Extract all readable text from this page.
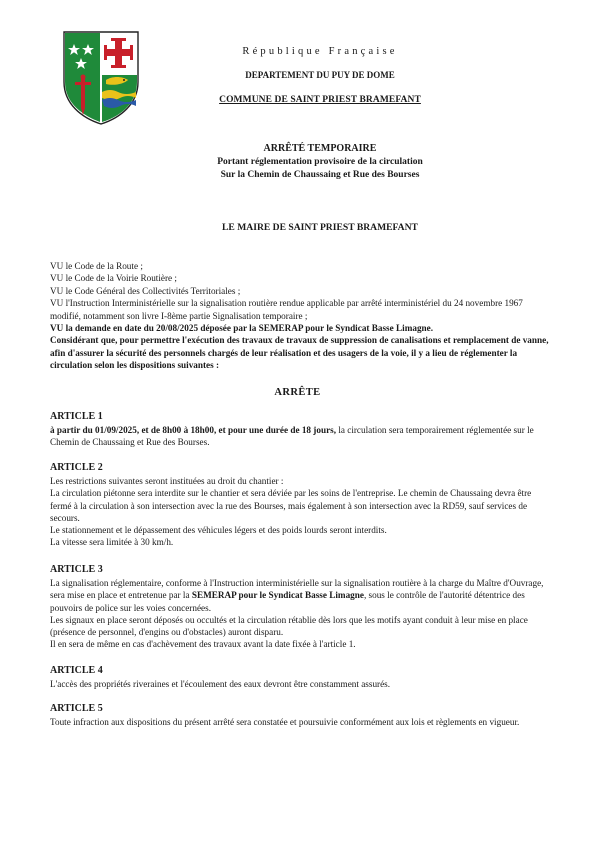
République Française
DEPARTEMENT DU PUY DE DOME
COMMUNE DE SAINT PRIEST BRAMEFANT
ARRÊTÉ TEMPORAIRE
Portant réglementation provisoire de la circulation
Sur la Chemin de Chaussaing et Rue des Bourses
LE MAIRE DE SAINT PRIEST BRAMEFANT

VU le Code de la Route ;

VU le Code de la Voirie Routière ;

VU le Code Général des Collectivités Territoriales ;

VU l'Instruction Interministérielle sur la signalisation routière rendue applicable par arrêté interministériel du 24 novembre 1967 modifié, notamment son livre I-8ème partie Signalisation temporaire ;

VU la demande en date du 20/08/2025 déposée par la SEMERAP pour le Syndicat Basse Limagne.

Considérant que, pour permettre l'exécution des travaux de travaux de suppression de canalisations et remplacement de vanne, afin d'assurer la sécurité des personnels chargés de leur réalisation et des usagers de la voie, il y a lieu de réglementer la circulation selon les dispositions suivantes :

ARRÊTE
ARTICLE 1

à partir du 01/09/2025, et de 8h00 à 18h00, et pour une durée de 18 jours, la circulation sera temporairement réglementée sur le Chemin de Chaussaing et Rue des Bourses.

ARTICLE 2

Les restrictions suivantes seront instituées au droit du chantier :

La circulation piétonne sera interdite sur le chantier et sera déviée par les soins de l'entreprise. Le chemin de Chaussaing devra être fermé à la circulation à son intersection avec la rue des Bourses, mais également à son intersection avec la RD59, sauf services de secours.

Le stationnement et le dépassement des véhicules légers et des poids lourds seront interdits.

La vitesse sera limitée à 30 km/h.

ARTICLE 3

La signalisation réglementaire, conforme à l'Instruction interministérielle sur la signalisation routière à la charge du Maître d'Ouvrage, sera mise en place et entretenue par la SEMERAP pour le Syndicat Basse Limagne, sous le contrôle de l'autorité détentrice des pouvoirs de police sur les voies concernées.

Les signaux en place seront déposés ou occultés et la circulation rétablie dès lors que les motifs ayant conduit à leur mise en place (présence de personnel, d'engins ou d'obstacles) auront disparu.

Il en sera de même en cas d'achèvement des travaux avant la date fixée à l'article 1.

ARTICLE 4

L'accès des propriétés riveraines et l'écoulement des eaux devront être constamment assurés.

ARTICLE 5

Toute infraction aux dispositions du présent arrêté sera constatée et poursuivie conformément aux lois et règlements en vigueur.
